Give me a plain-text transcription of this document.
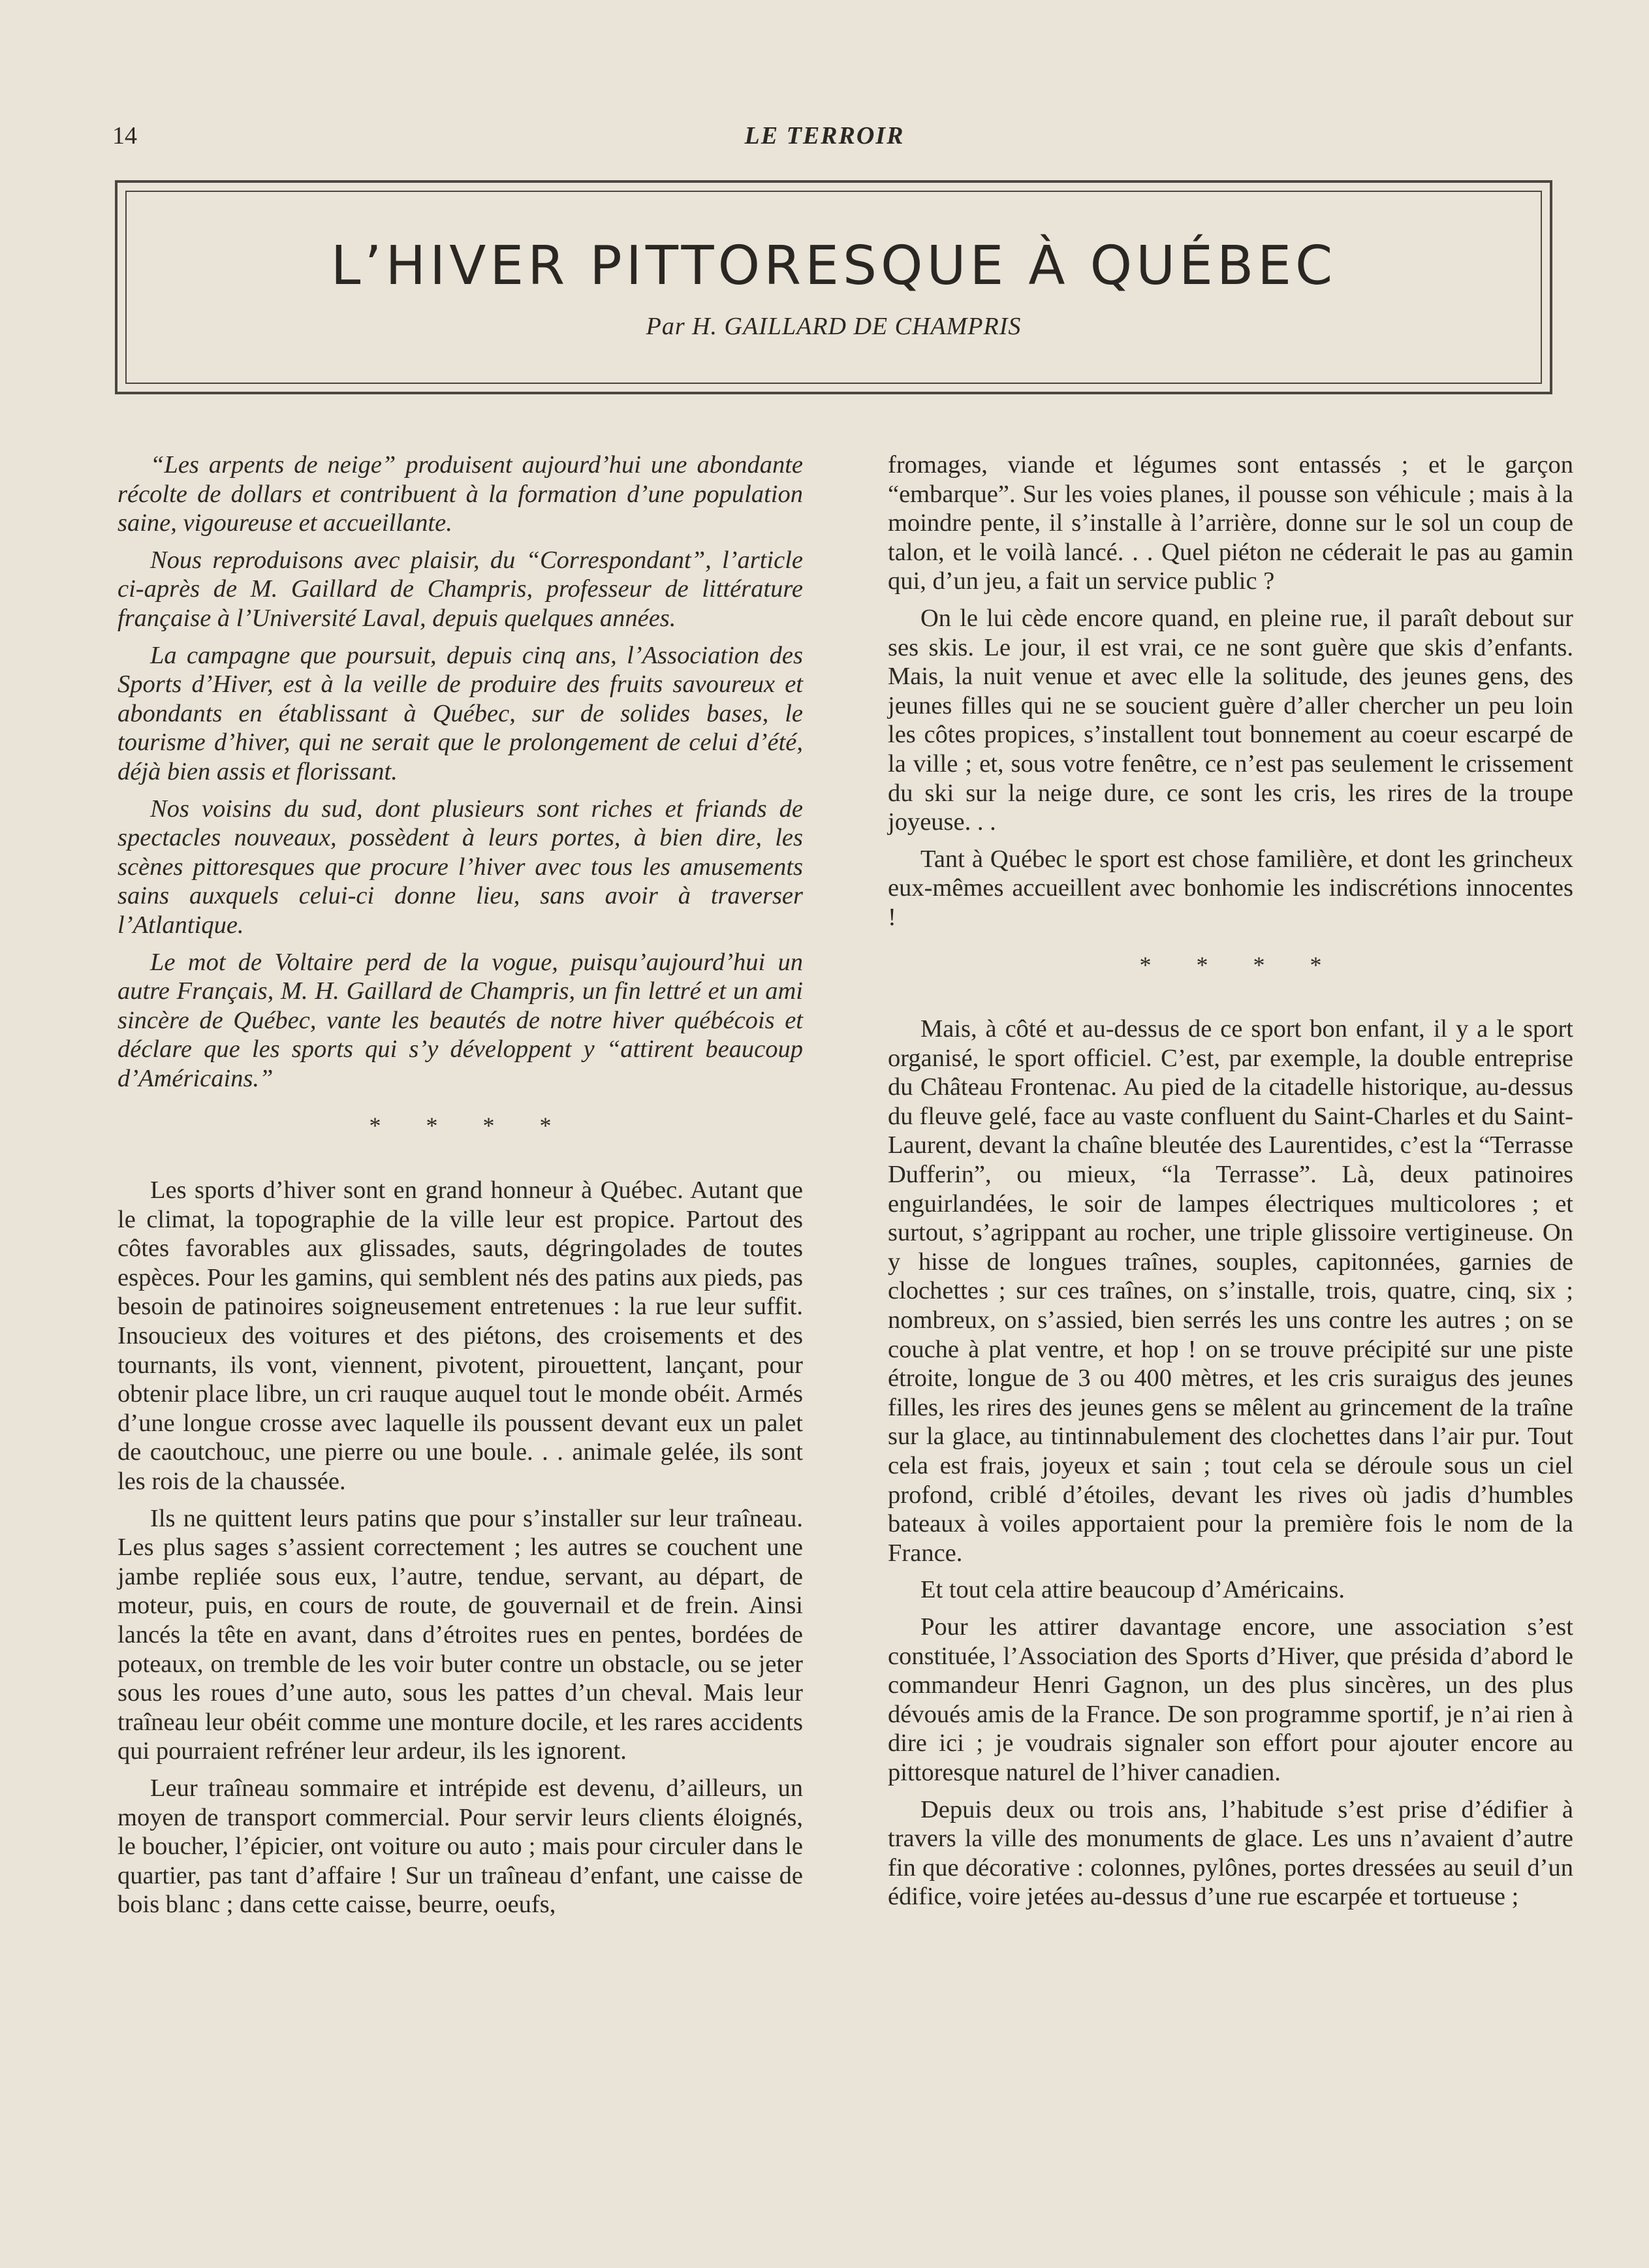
14	LE TERROIR
L’HIVER PITTORESQUE À QUÉBEC
Par H. GAILLARD DE CHAMPRIS

“Les arpents de neige” produisent aujourd’hui une abondante récolte de dollars et contribuent à la formation d’une population saine, vigoureuse et accueillante.

Nous reproduisons avec plaisir, du “Correspondant”, l’article ci-après de M. Gaillard de Champris, professeur de littérature française à l’Université Laval, depuis quelques années.

La campagne que poursuit, depuis cinq ans, l’Association des Sports d’Hiver, est à la veille de produire des fruits savoureux et abondants en établissant à Québec, sur de solides bases, le tourisme d’hiver, qui ne serait que le prolongement de celui d’été, déjà bien assis et florissant.

Nos voisins du sud, dont plusieurs sont riches et friands de spectacles nouveaux, possèdent à leurs portes, à bien dire, les scènes pittoresques que procure l’hiver avec tous les amusements sains auxquels celui-ci donne lieu, sans avoir à traverser l’Atlantique.

Le mot de Voltaire perd de la vogue, puisqu’aujourd’hui un autre Français, M. H. Gaillard de Champris, un fin lettré et un ami sincère de Québec, vante les beautés de notre hiver québécois et déclare que les sports qui s’y développent y “attirent beaucoup d’Américains.”

* * * *

Les sports d’hiver sont en grand honneur à Québec. Autant que le climat, la topographie de la ville leur est propice. Partout des côtes favorables aux glissades, sauts, dégringolades de toutes espèces. Pour les gamins, qui semblent nés des patins aux pieds, pas besoin de patinoires soigneusement entretenues : la rue leur suffit. Insoucieux des voitures et des piétons, des croisements et des tournants, ils vont, viennent, pivotent, pirouettent, lançant, pour obtenir place libre, un cri rauque auquel tout le monde obéit. Armés d’une longue crosse avec laquelle ils poussent devant eux un palet de caoutchouc, une pierre ou une boule. . . animale gelée, ils sont les rois de la chaussée.

Ils ne quittent leurs patins que pour s’installer sur leur traîneau. Les plus sages s’assient correctement ; les autres se couchent une jambe repliée sous eux, l’autre, tendue, servant, au départ, de moteur, puis, en cours de route, de gouvernail et de frein. Ainsi lancés la tête en avant, dans d’étroites rues en pentes, bordées de poteaux, on tremble de les voir buter contre un obstacle, ou se jeter sous les roues d’une auto, sous les pattes d’un cheval. Mais leur traîneau leur obéit comme une monture docile, et les rares accidents qui pourraient refréner leur ardeur, ils les ignorent.

Leur traîneau sommaire et intrépide est devenu, d’ailleurs, un moyen de transport commercial. Pour servir leurs clients éloignés, le boucher, l’épicier, ont voiture ou auto ; mais pour circuler dans le quartier, pas tant d’affaire ! Sur un traîneau d’enfant, une caisse de bois blanc ; dans cette caisse, beurre, oeufs,

fromages, viande et légumes sont entassés ; et le garçon “embarque”. Sur les voies planes, il pousse son véhicule ; mais à la moindre pente, il s’installe à l’arrière, donne sur le sol un coup de talon, et le voilà lancé. . . Quel piéton ne céderait le pas au gamin qui, d’un jeu, a fait un service public ?

On le lui cède encore quand, en pleine rue, il paraît debout sur ses skis. Le jour, il est vrai, ce ne sont guère que skis d’enfants. Mais, la nuit venue et avec elle la solitude, des jeunes gens, des jeunes filles qui ne se soucient guère d’aller chercher un peu loin les côtes propices, s’installent tout bonnement au coeur escarpé de la ville ; et, sous votre fenêtre, ce n’est pas seulement le crissement du ski sur la neige dure, ce sont les cris, les rires de la troupe joyeuse. . .

Tant à Québec le sport est chose familière, et dont les grincheux eux-mêmes accueillent avec bonhomie les indiscrétions innocentes !

* * * *

Mais, à côté et au-dessus de ce sport bon enfant, il y a le sport organisé, le sport officiel. C’est, par exemple, la double entreprise du Château Frontenac. Au pied de la citadelle historique, au-dessus du fleuve gelé, face au vaste confluent du Saint-Charles et du Saint-Laurent, devant la chaîne bleutée des Laurentides, c’est la “Terrasse Dufferin”, ou mieux, “la Terrasse”. Là, deux patinoires enguirlandées, le soir de lampes électriques multicolores ; et surtout, s’agrippant au rocher, une triple glissoire vertigineuse. On y hisse de longues traînes, souples, capitonnées, garnies de clochettes ; sur ces traînes, on s’installe, trois, quatre, cinq, six ; nombreux, on s’assied, bien serrés les uns contre les autres ; on se couche à plat ventre, et hop ! on se trouve précipité sur une piste étroite, longue de 3 ou 400 mètres, et les cris suraigus des jeunes filles, les rires des jeunes gens se mêlent au grincement de la traîne sur la glace, au tintinnabulement des clochettes dans l’air pur. Tout cela est frais, joyeux et sain ; tout cela se déroule sous un ciel profond, criblé d’étoiles, devant les rives où jadis d’humbles bateaux à voiles apportaient pour la première fois le nom de la France.

Et tout cela attire beaucoup d’Américains.

Pour les attirer davantage encore, une association s’est constituée, l’Association des Sports d’Hiver, que présida d’abord le commandeur Henri Gagnon, un des plus sincères, un des plus dévoués amis de la France. De son programme sportif, je n’ai rien à dire ici ; je voudrais signaler son effort pour ajouter encore au pittoresque naturel de l’hiver canadien.

Depuis deux ou trois ans, l’habitude s’est prise d’édifier à travers la ville des monuments de glace. Les uns n’avaient d’autre fin que décorative : colonnes, pylônes, portes dressées au seuil d’un édifice, voire jetées au-dessus d’une rue escarpée et tortueuse ;
